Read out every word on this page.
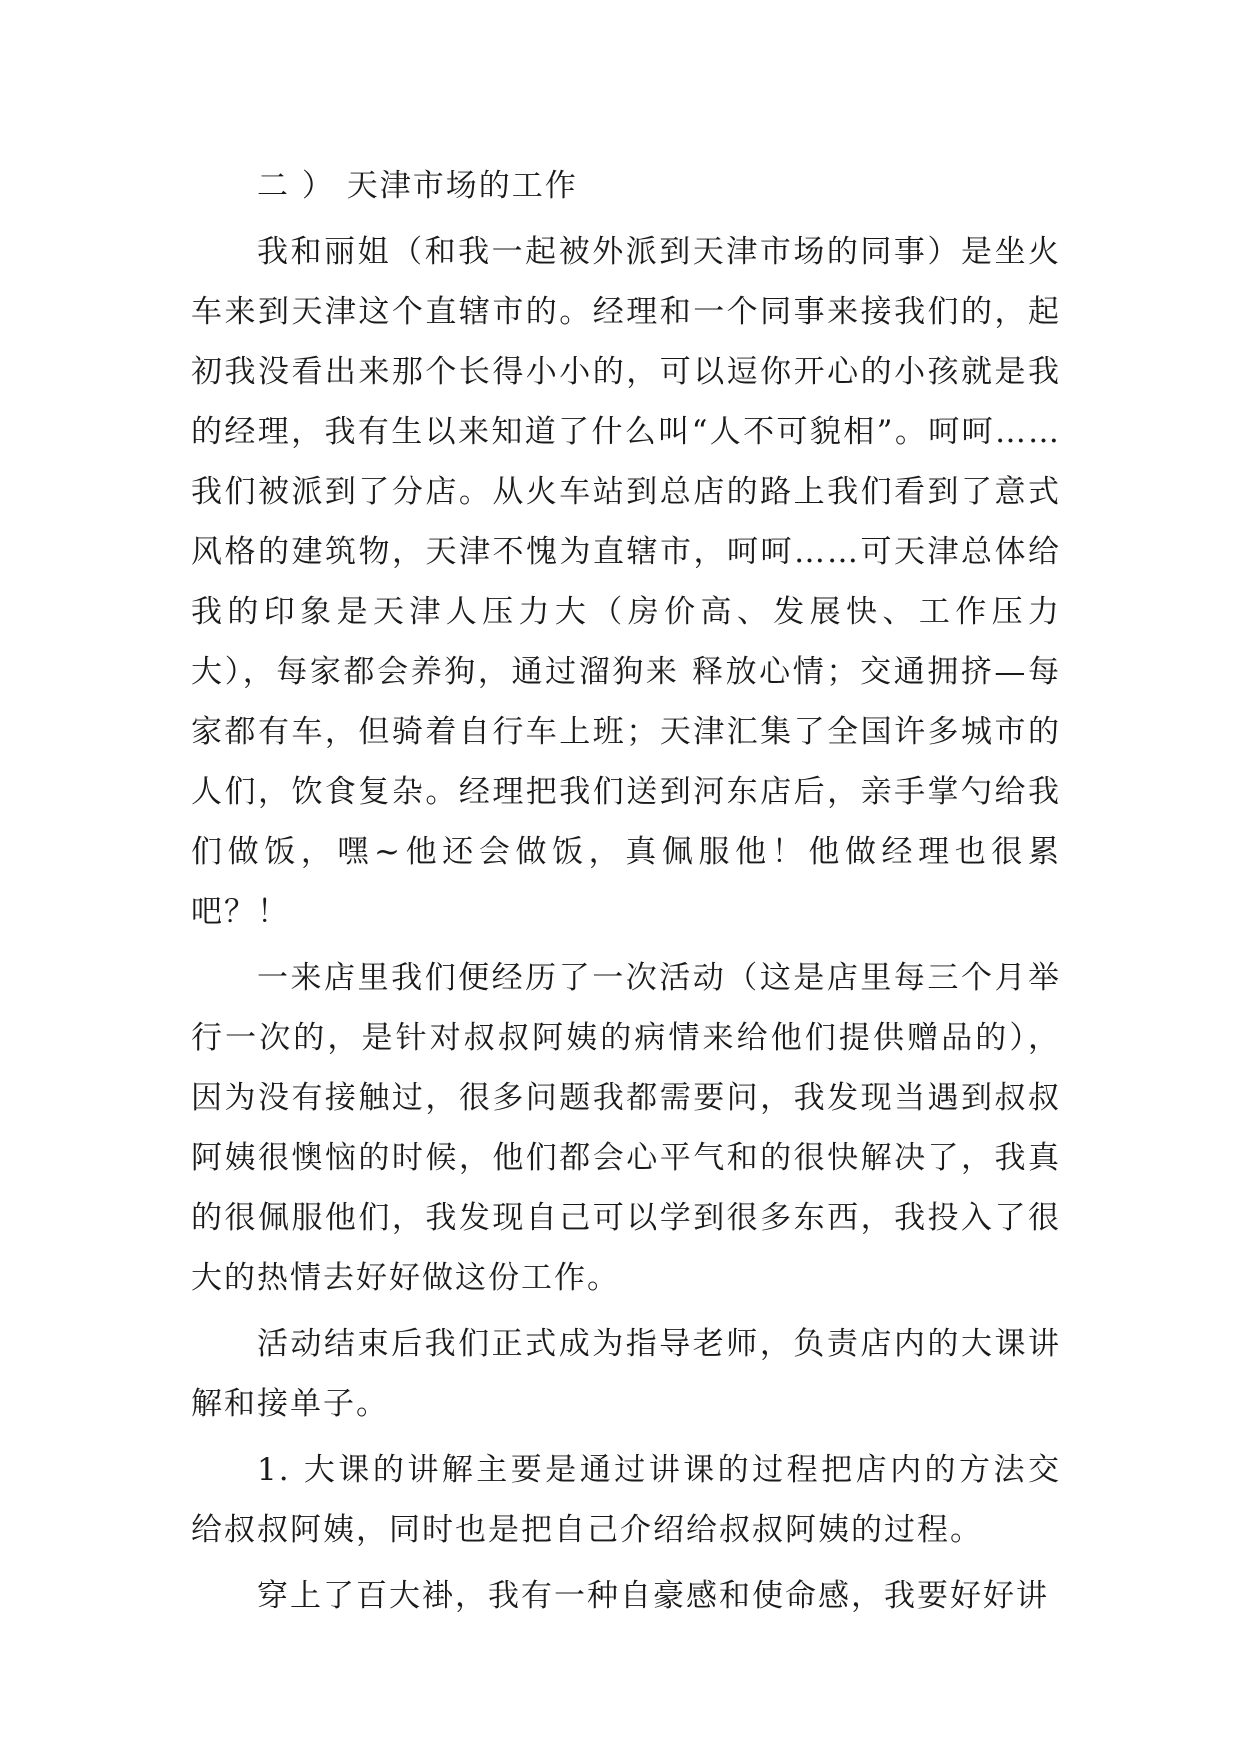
二 ） 天津市场的工作

我和丽姐（和我一起被外派到天津市场的同事）是坐火车来到天津这个直辖市的。经理和一个同事来接我们的，起初我没看出来那个长得小小的，可以逗你开心的小孩就是我的经理，我有生以来知道了什么叫“人不可貌相”。呵呵……我们被派到了分店。从火车站到总店的路上我们看到了意式风格的建筑物，天津不愧为直辖市，呵呵……可天津总体给我的印象是天津人压力大（房价高、发展快、工作压力大），每家都会养狗，通过溜狗来 释放心情；交通拥挤—每家都有车，但骑着自行车上班；天津汇集了全国许多城市的人们，饮食复杂。经理把我们送到河东店后，亲手掌勺给我们做饭，嘿~他还会做饭，真佩服他！他做经理也很累吧？！

一来店里我们便经历了一次活动（这是店里每三个月举行一次的，是针对叔叔阿姨的病情来给他们提供赠品的），因为没有接触过，很多问题我都需要问，我发现当遇到叔叔阿姨很懊恼的时候，他们都会心平气和的很快解决了，我真的很佩服他们，我发现自己可以学到很多东西，我投入了很大的热情去好好做这份工作。

活动结束后我们正式成为指导老师，负责店内的大课讲解和接单子。

1. 大课的讲解主要是通过讲课的过程把店内的方法交给叔叔阿姨，同时也是把自己介绍给叔叔阿姨的过程。

穿上了百大褂，我有一种自豪感和使命感，我要好好讲
